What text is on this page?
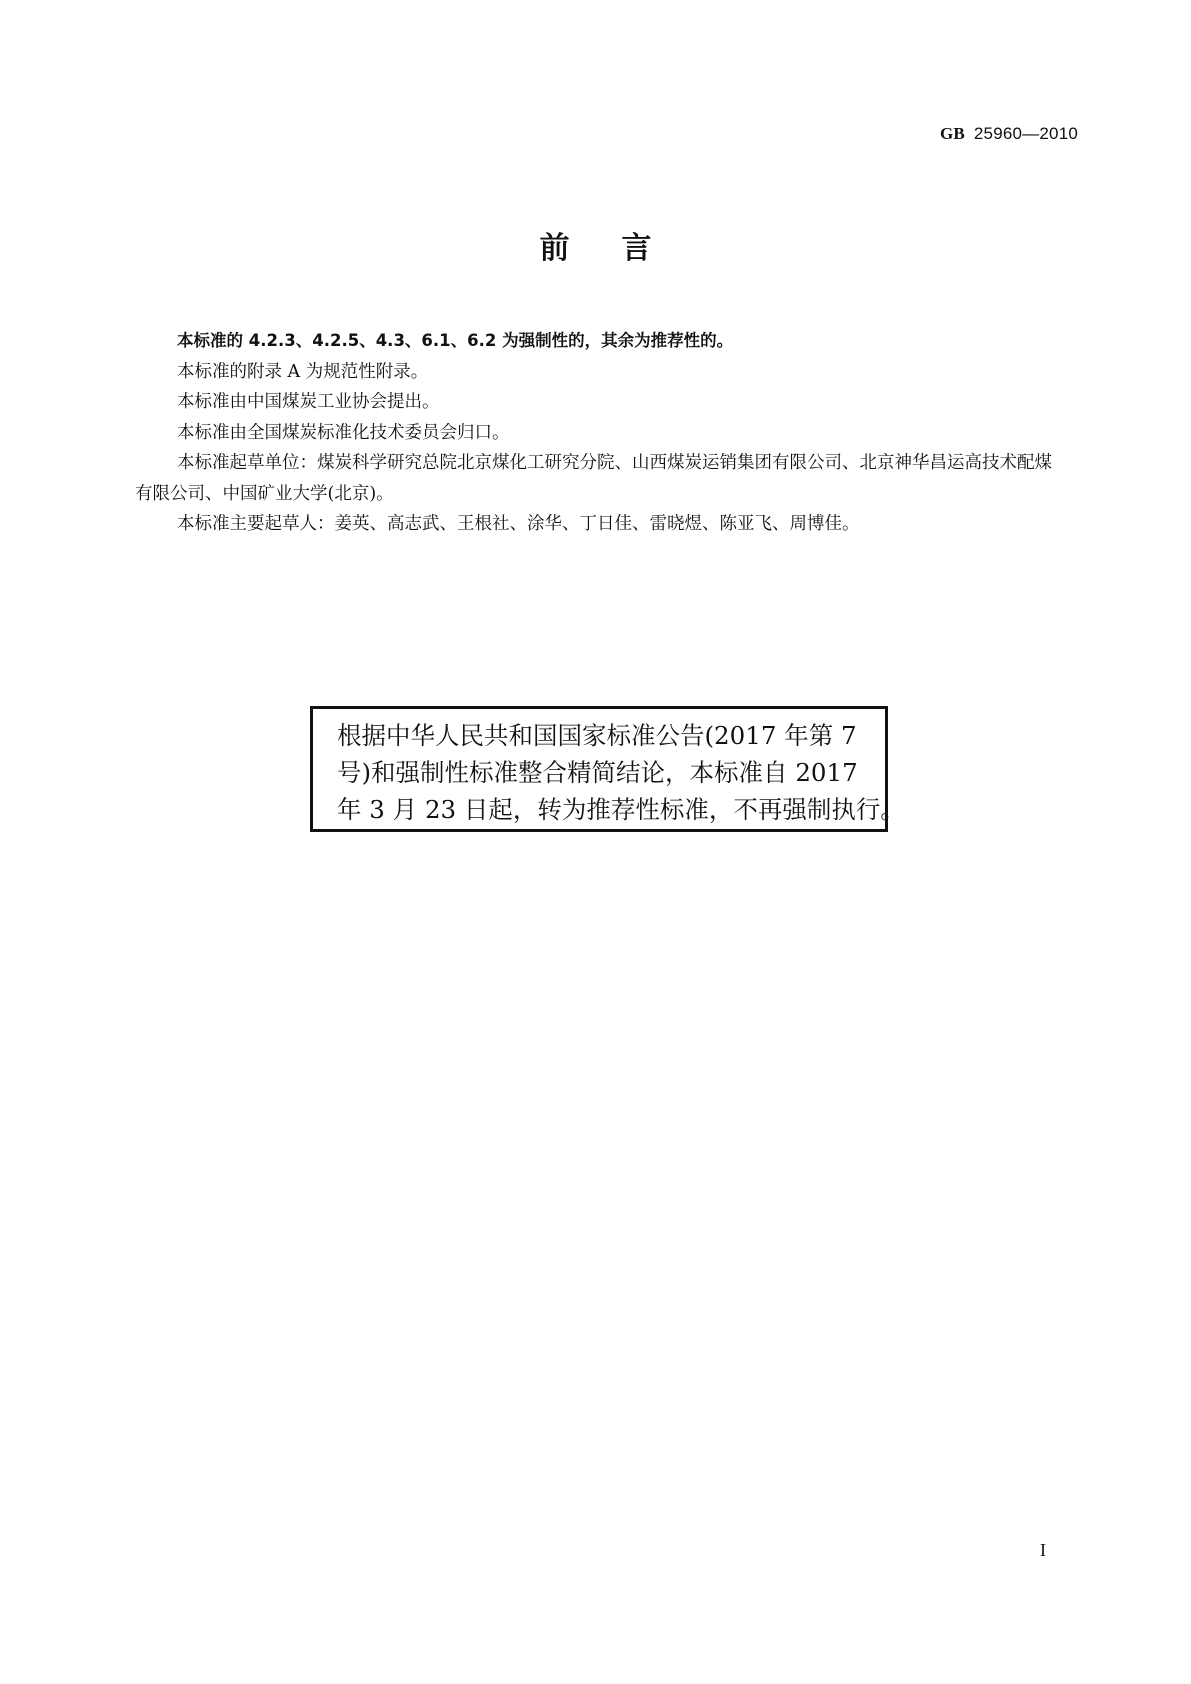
GB 25960—2010
前言

本标准的 4.2.3、4.2.5、4.3、6.1、6.2 为强制性的，其余为推荐性的。

本标准的附录 A 为规范性附录。

本标准由中国煤炭工业协会提出。

本标准由全国煤炭标准化技术委员会归口。

本标准起草单位：煤炭科学研究总院北京煤化工研究分院、山西煤炭运销集团有限公司、北京神华昌运高技术配煤有限公司、中国矿业大学(北京)。

本标准主要起草人：姜英、高志武、王根社、涂华、丁日佳、雷晓煜、陈亚飞、周博佳。

根据中华人民共和国国家标准公告(2017 年第 7

号)和强制性标准整合精简结论，本标准自 2017

年 3 月 23 日起，转为推荐性标准，不再强制执行。

I
